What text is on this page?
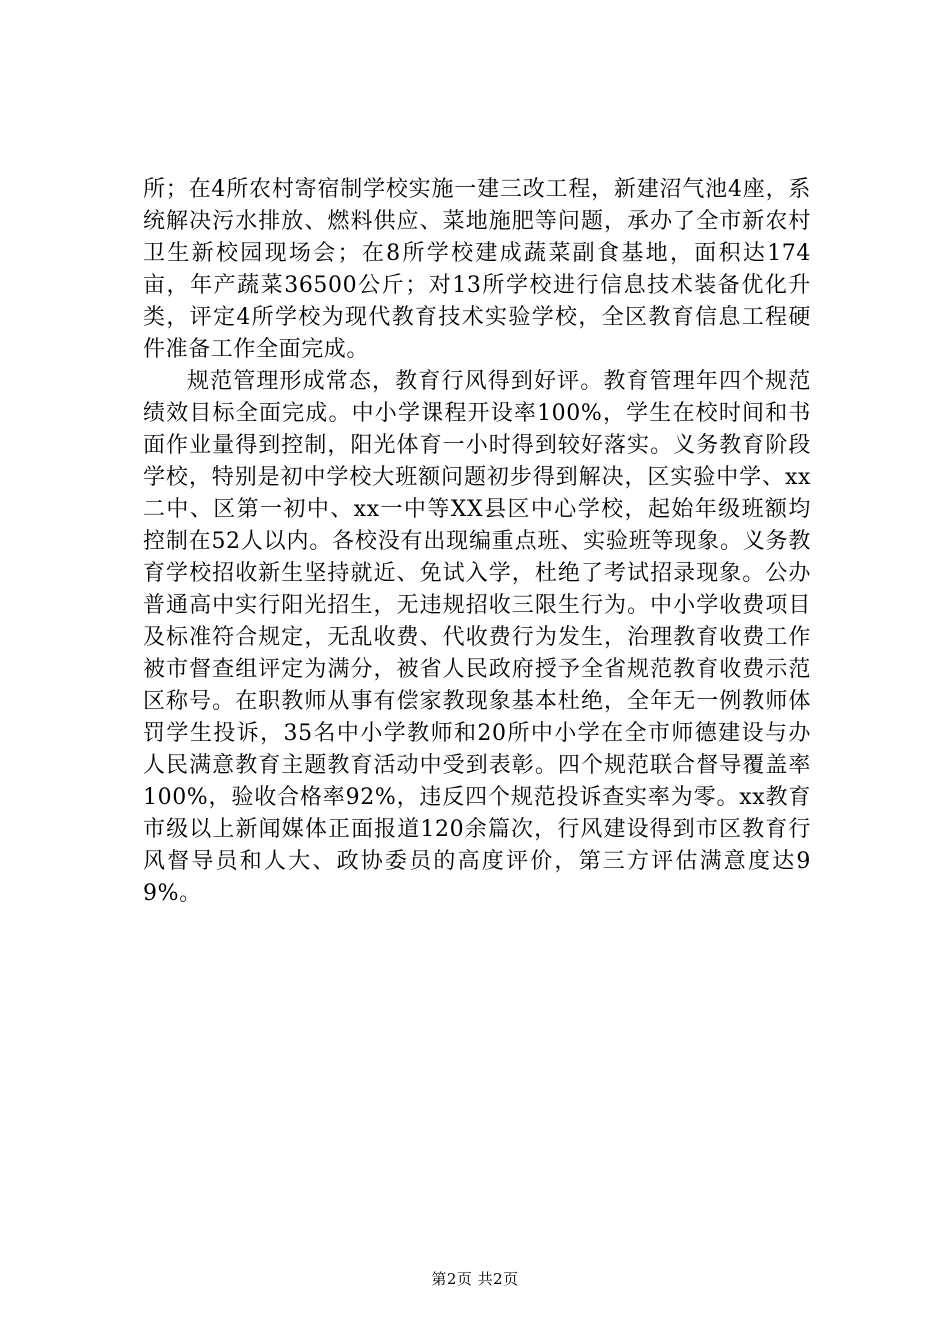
所；在4所农村寄宿制学校实施一建三改工程，新建沼气池4座，系统解决污水排放、燃料供应、菜地施肥等问题，承办了全市新农村卫生新校园现场会；在8所学校建成蔬菜副食基地，面积达174亩，年产蔬菜36500公斤；对13所学校进行信息技术装备优化升类，评定4所学校为现代教育技术实验学校，全区教育信息工程硬件准备工作全面完成。

规范管理形成常态，教育行风得到好评。教育管理年四个规范绩效目标全面完成。中小学课程开设率100%，学生在校时间和书面作业量得到控制，阳光体育一小时得到较好落实。义务教育阶段学校，特别是初中学校大班额问题初步得到解决，区实验中学、xx二中、区第一初中、xx一中等XX县区中心学校，起始年级班额均控制在52人以内。各校没有出现编重点班、实验班等现象。义务教育学校招收新生坚持就近、免试入学，杜绝了考试招录现象。公办普通高中实行阳光招生，无违规招收三限生行为。中小学收费项目及标准符合规定，无乱收费、代收费行为发生，治理教育收费工作被市督查组评定为满分，被省人民政府授予全省规范教育收费示范区称号。在职教师从事有偿家教现象基本杜绝，全年无一例教师体罚学生投诉，35名中小学教师和20所中小学在全市师德建设与办人民满意教育主题教育活动中受到表彰。四个规范联合督导覆盖率100%，验收合格率92%，违反四个规范投诉查实率为零。xx教育市级以上新闻媒体正面报道120余篇次，行风建设得到市区教育行风督导员和人大、政协委员的高度评价，第三方评估满意度达99%。

第2页 共2页
